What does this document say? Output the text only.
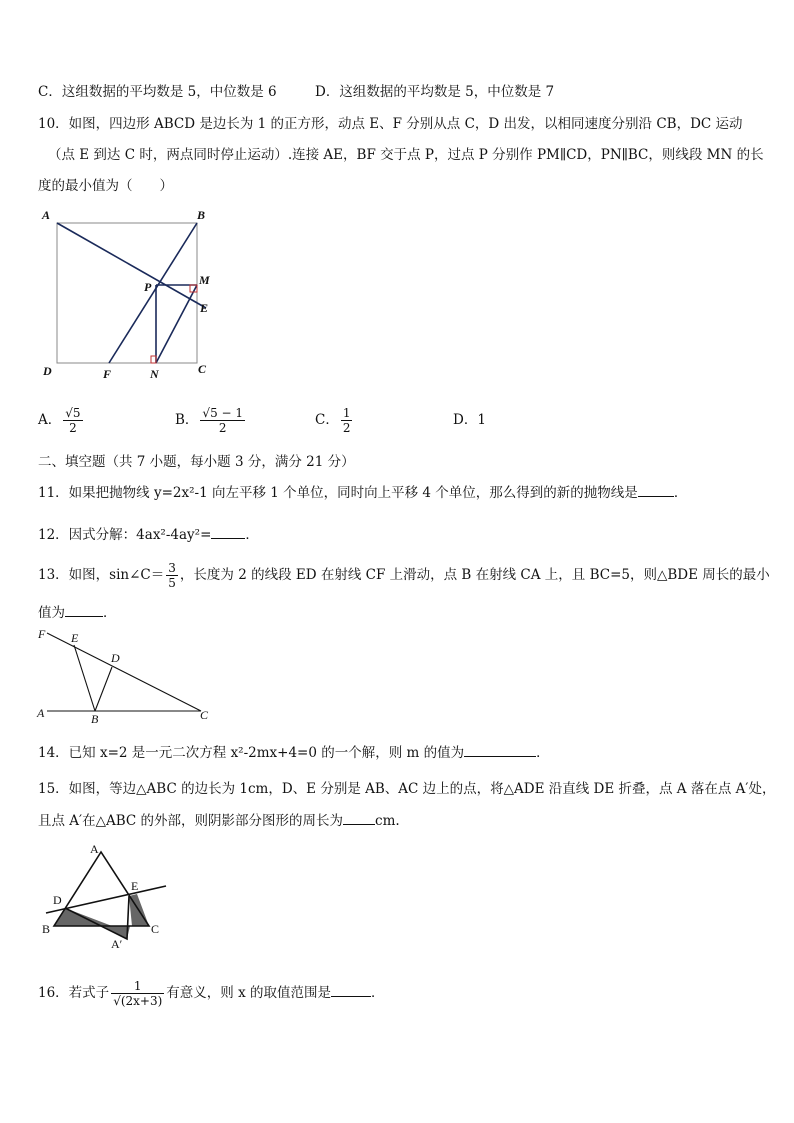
C．这组数据的平均数是 5，中位数是 6	D．这组数据的平均数是 5，中位数是 7
10．如图，四边形 ABCD 是边长为 1 的正方形，动点 E、F 分别从点 C，D 出发，以相同速度分别沿 CB，DC 运动
（点 E 到达 C 时，两点同时停止运动）.连接 AE，BF 交于点 P，过点 P 分别作 PM∥CD，PN∥BC，则线段 MN 的长
度的最小值为（　　）
A	B
M
P
E
D	F	N	C
A． $\frac{√5}{2}$	B． $\frac{√5 - 1}{2}$	C． $\frac{1}{2}$	D．1
二、填空题（共 7 小题，每小题 3 分，满分 21 分）
11．如果把抛物线 y=2x²-1 向左平移 1 个单位，同时向上平移 4 个单位，那么得到的新的抛物线是	．
12．因式分解：4ax²-4ay²=	．
13．如图，sin∠C＝ $\frac{3}{5}$ ，长度为 2 的线段 ED 在射线 CF 上滑动，点 B 在射线 CA 上，且 BC=5，则△BDE 周长的最小
值为	．
F E
D
A	B	C
14．已知 x=2 是一元二次方程 x²-2mx+4=0 的一个解，则 m 的值为	．
15．如图，等边△ABC 的边长为 1cm，D、E 分别是 AB、AC 边上的点，将△ADE 沿直线 DE 折叠，点 A 落在点 A′处，
且点 A′在△ABC 的外部，则阴影部分图形的周长为 cm.
A
E
D
B
A′
C
16．若式子 $\frac{1}{√(2x+3)}$ 有意义，则 x 的取值范围是	．
